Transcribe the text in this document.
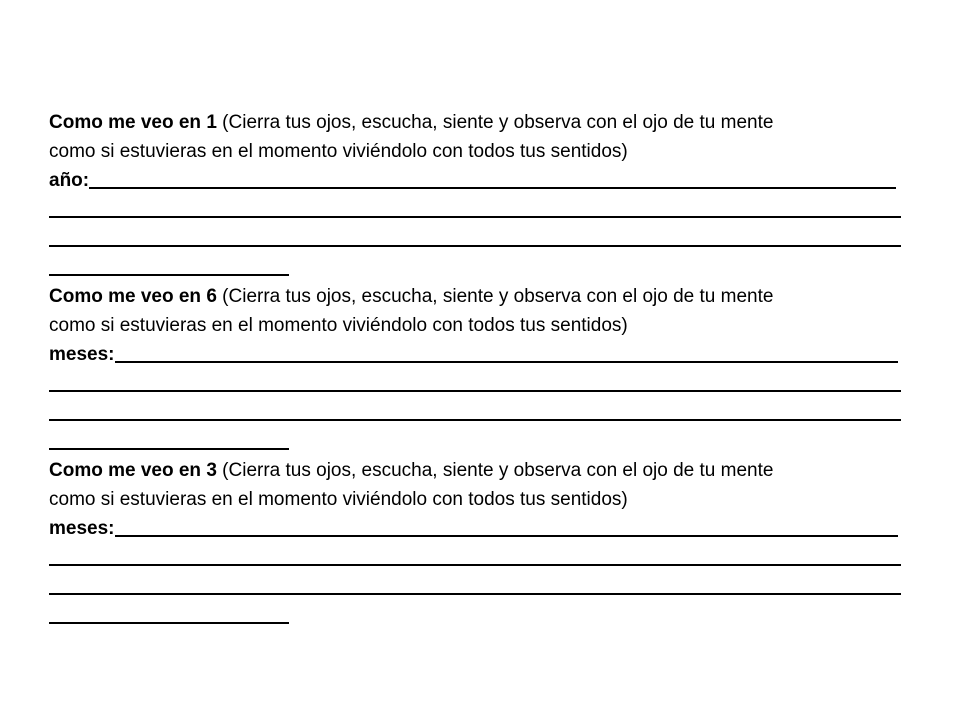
Como me veo en 1 (Cierra tus ojos, escucha, siente y observa con el ojo de tu mente
como si estuvieras en el momento viviéndolo con todos tus sentidos)
año:
Como me veo en 6 (Cierra tus ojos, escucha, siente y observa con el ojo de tu mente
como si estuvieras en el momento viviéndolo con todos tus sentidos)
meses:
Como me veo en 3 (Cierra tus ojos, escucha, siente y observa con el ojo de tu mente
como si estuvieras en el momento viviéndolo con todos tus sentidos)
meses:
